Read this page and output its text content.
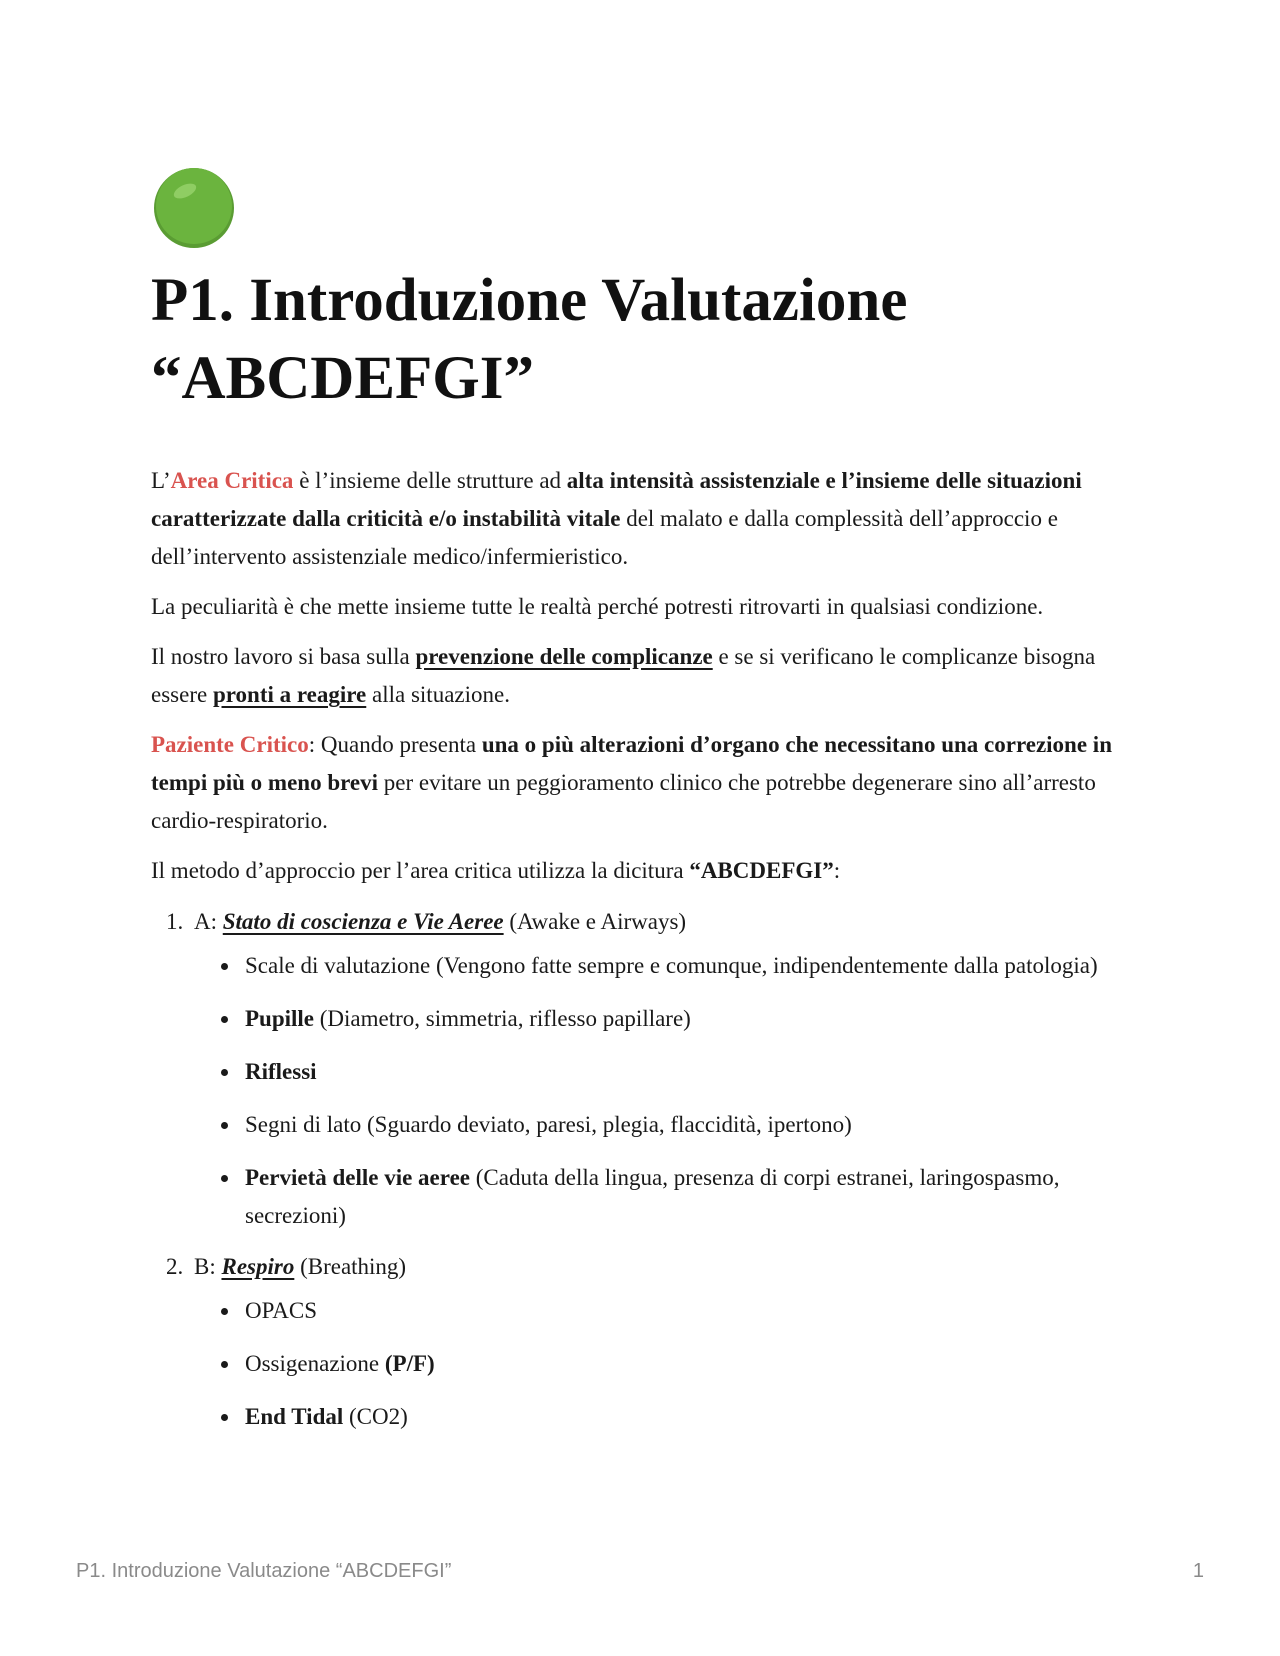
P1. Introduzione Valutazione
“ABCDEFGI”

L’Area Critica è l’insieme delle strutture ad alta intensità assistenziale e l’insieme delle situazioni caratterizzate dalla criticità e/o instabilità vitale del malato e dalla complessità dell’approccio e dell’intervento assistenziale medico/infermieristico.

La peculiarità è che mette insieme tutte le realtà perché potresti ritrovarti in qualsiasi condizione.

Il nostro lavoro si basa sulla prevenzione delle complicanze e se si verificano le complicanze bisogna essere pronti a reagire alla situazione.

Paziente Critico: Quando presenta una o più alterazioni d’organo che necessitano una correzione in tempi più o meno brevi per evitare un peggioramento clinico che potrebbe degenerare sino all’arresto cardio-respiratorio.

Il metodo d’approccio per l’area critica utilizza la dicitura “ABCDEFGI”:

1. A: Stato di coscienza e Vie Aeree (Awake e Airways)
• Scale di valutazione (Vengono fatte sempre e comunque, indipendentemente dalla patologia)
• Pupille (Diametro, simmetria, riflesso papillare)
• Riflessi
• Segni di lato (Sguardo deviato, paresi, plegia, flaccidità, ipertono)
• Pervietà delle vie aeree (Caduta della lingua, presenza di corpi estranei, laringospasmo, secrezioni)
2. B: Respiro (Breathing)
• OPACS
• Ossigenazione (P/F)
• End Tidal (CO2)
P1. Introduzione Valutazione “ABCDEFGI”	1
